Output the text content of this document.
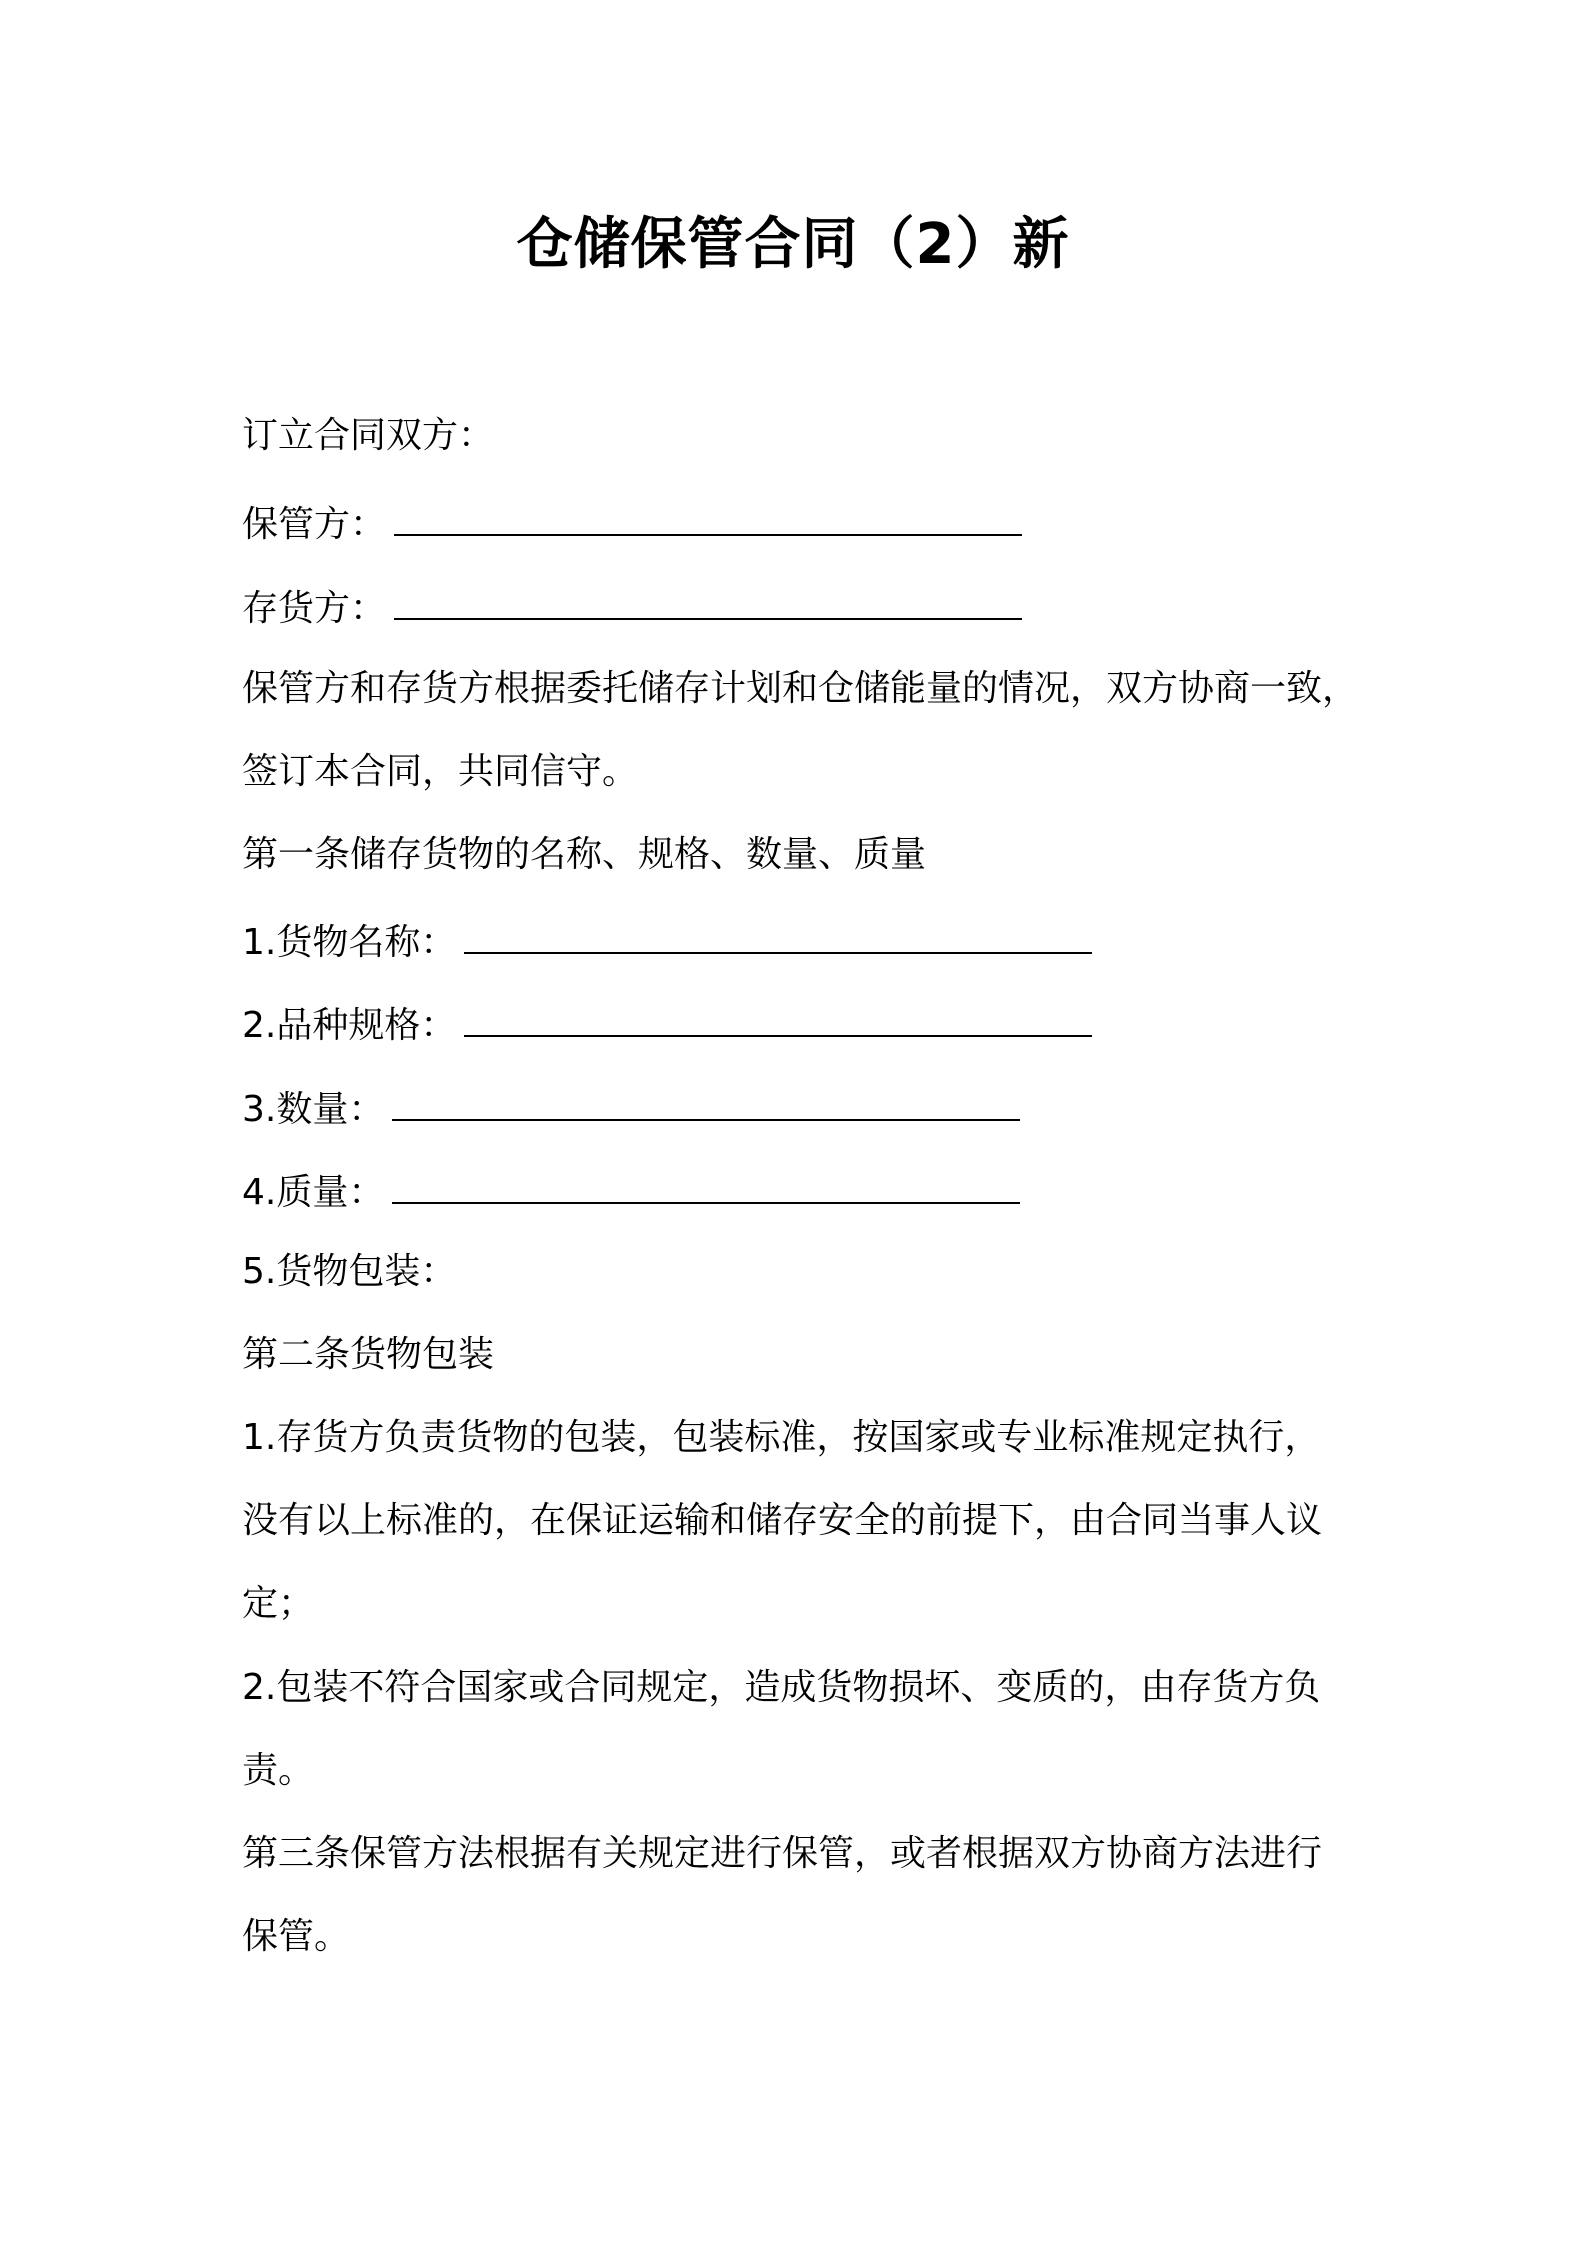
仓储保管合同（2）新

订立合同双方：

保管方：

存货方：

保管方和存货方根据委托储存计划和仓储能量的情况，双方协商一致，

签订本合同，共同信守。

第一条储存货物的名称、规格、数量、质量

1.货物名称：

2.品种规格：

3.数量：

4.质量：

5.货物包装：

第二条货物包装

1.存货方负责货物的包装，包装标准，按国家或专业标准规定执行，

没有以上标准的，在保证运输和储存安全的前提下，由合同当事人议

定；

2.包装不符合国家或合同规定，造成货物损坏、变质的，由存货方负

责。

第三条保管方法根据有关规定进行保管，或者根据双方协商方法进行

保管。
